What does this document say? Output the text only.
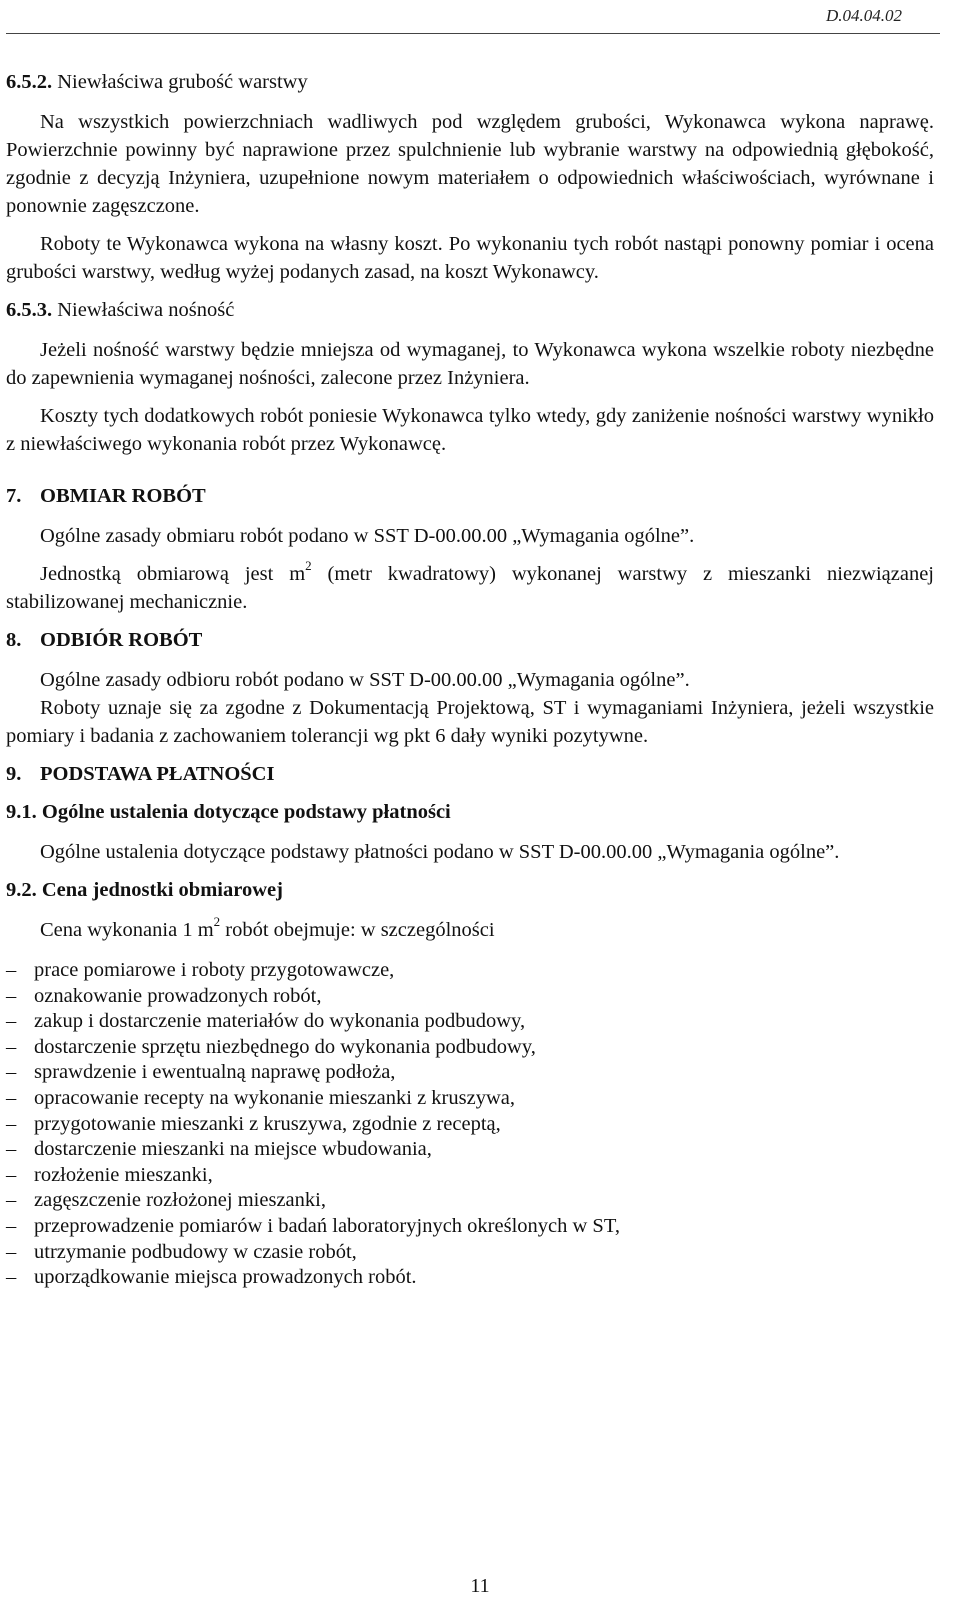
D.04.04.02

6.5.2. Niewłaściwa grubość warstwy

Na wszystkich powierzchniach wadliwych pod względem grubości, Wykonawca wykona naprawę. Powierzchnie powinny być naprawione przez spulchnienie lub wybranie warstwy na odpowiednią głębokość, zgodnie z decyzją Inżyniera, uzupełnione nowym materiałem o odpowiednich właściwościach, wyrównane i ponownie zagęszczone.

Roboty te Wykonawca wykona na własny koszt. Po wykonaniu tych robót nastąpi ponowny pomiar i ocena grubości warstwy, według wyżej podanych zasad, na koszt Wykonawcy.

6.5.3. Niewłaściwa nośność

Jeżeli nośność warstwy będzie mniejsza od wymaganej, to Wykonawca wykona wszelkie roboty niezbędne do zapewnienia wymaganej nośności, zalecone przez Inżyniera.

Koszty tych dodatkowych robót poniesie Wykonawca tylko wtedy, gdy zaniżenie nośności warstwy wynikło z niewłaściwego wykonania robót przez Wykonawcę.

7. OBMIAR ROBÓT

Ogólne zasady obmiaru robót podano w SST D-00.00.00 „Wymagania ogólne”.

Jednostką obmiarową jest $m^2$ (metr kwadratowy) wykonanej warstwy z mieszanki niezwiązanej stabilizowanej mechanicznie.

8. ODBIÓR ROBÓT

Ogólne zasady odbioru robót podano w SST D-00.00.00 „Wymagania ogólne”.

Roboty uznaje się za zgodne z Dokumentacją Projektową, ST i wymaganiami Inżyniera, jeżeli wszystkie pomiary i badania z zachowaniem tolerancji wg pkt 6 dały wyniki pozytywne.

9. PODSTAWA PŁATNOŚCI
9.1. Ogólne ustalenia dotyczące podstawy płatności

Ogólne ustalenia dotyczące podstawy płatności podano w SST D-00.00.00 „Wymagania ogólne”.

9.2. Cena jednostki obmiarowej

Cena wykonania 1 $m^2$ robót obejmuje: w szczególności

– prace pomiarowe i roboty przygotowawcze,
– oznakowanie prowadzonych robót,
– zakup i dostarczenie materiałów do wykonania podbudowy,
– dostarczenie sprzętu niezbędnego do wykonania podbudowy,
– sprawdzenie i ewentualną naprawę podłoża,
– opracowanie recepty na wykonanie mieszanki z kruszywa,
– przygotowanie mieszanki z kruszywa, zgodnie z receptą,
– dostarczenie mieszanki na miejsce wbudowania,
– rozłożenie mieszanki,
– zagęszczenie rozłożonej mieszanki,
– przeprowadzenie pomiarów i badań laboratoryjnych określonych w ST,
– utrzymanie podbudowy w czasie robót,
– uporządkowanie miejsca prowadzonych robót.
11
